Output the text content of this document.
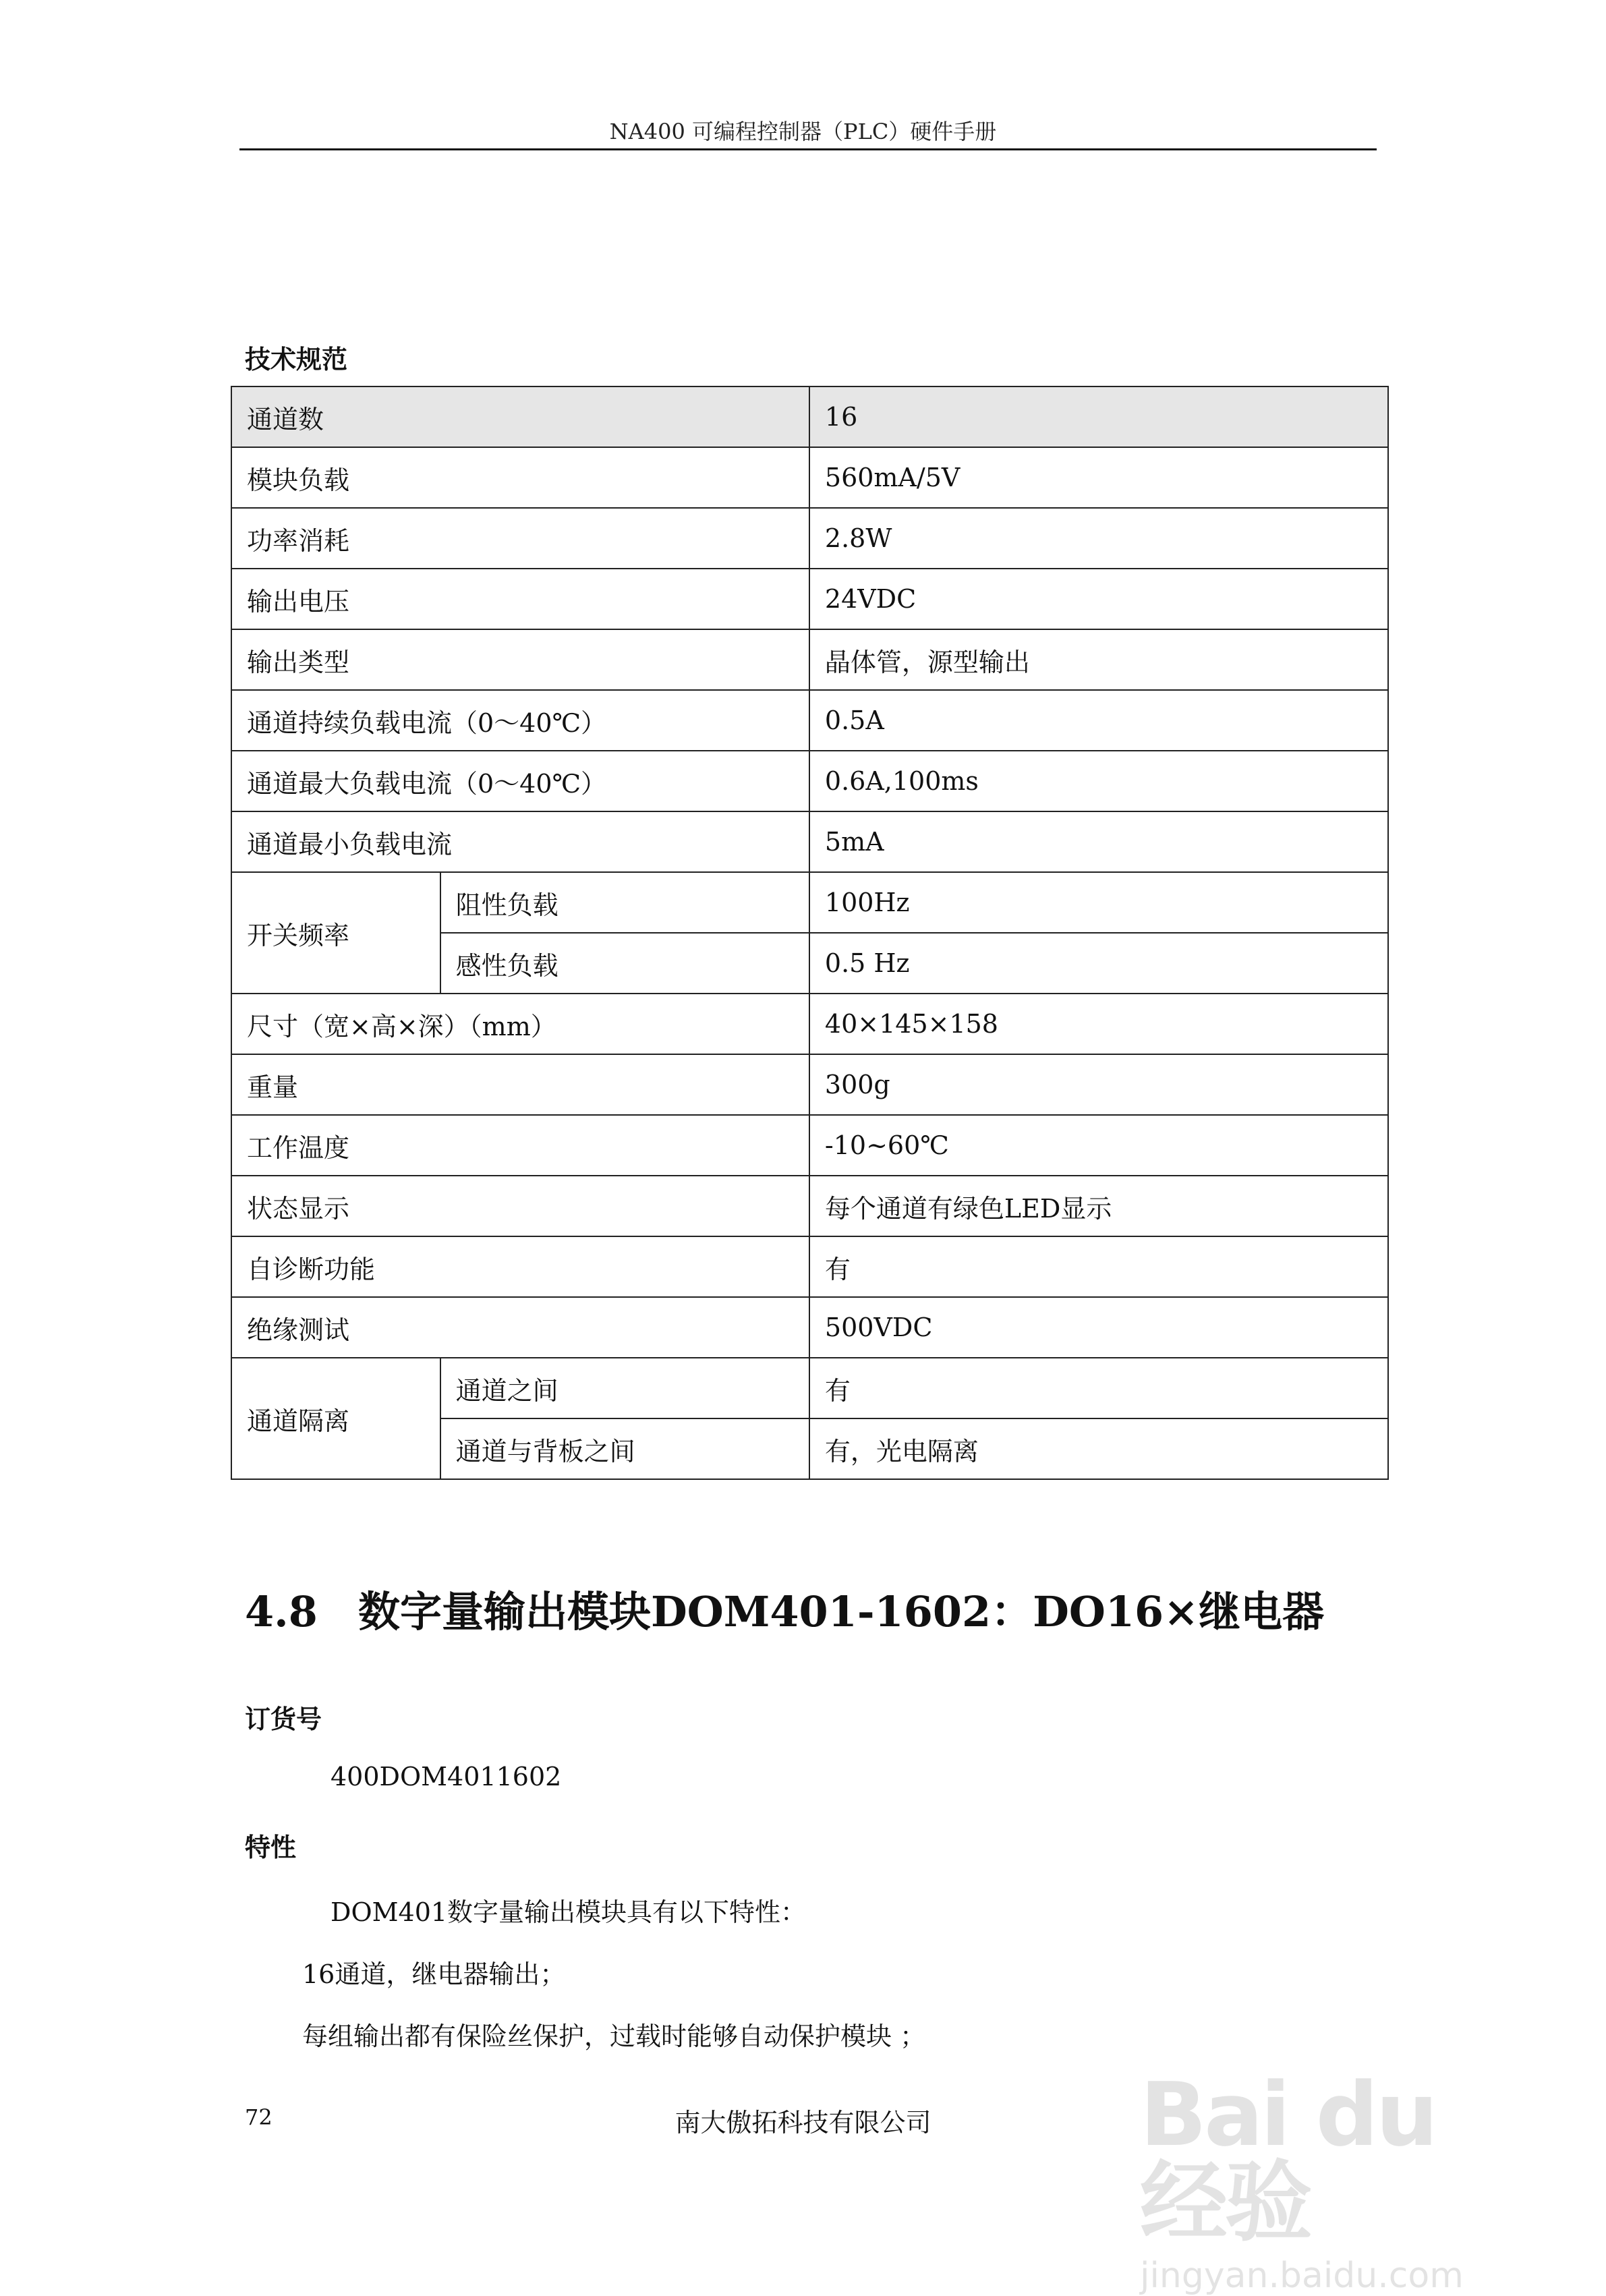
NA400 可编程控制器（PLC）硬件手册
技术规范
通道数		16
模块负载		560mA/5V
功率消耗		2.8W
输出电压		24VDC
输出类型		晶体管，源型输出
通道持续负载电流（0～40℃）		0.5A
通道最大负载电流（0～40℃）		0.6A,100ms
通道最小负载电流		5mA
开关频率	阻性负载	100Hz
	感性负载	0.5 Hz
尺寸（宽×高×深）（mm）		40×145×158
重量		300g
工作温度		-10~60℃
状态显示		每个通道有绿色LED显示
自诊断功能		有
绝缘测试		500VDC
通道隔离	通道之间	有
	通道与背板之间	有，光电隔离
4.8 数字量输出模块DOM401-1602：DO16×继电器
订货号
400DOM4011602
特性
DOM401数字量输出模块具有以下特性：
16通道，继电器输出；
每组输出都有保险丝保护，过载时能够自动保护模块 ；
72	南大傲拓科技有限公司	Bai du 经验
jingyan.baidu.com
